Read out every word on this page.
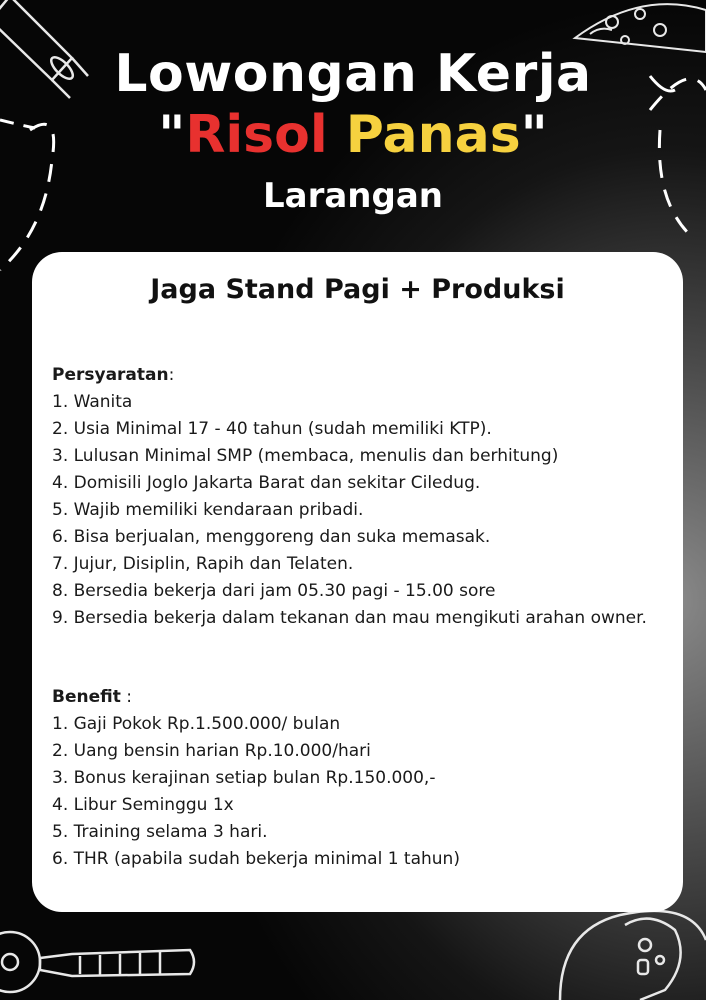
Lowongan Kerja
"Risol Panas"
Larangan
Jaga Stand Pagi + Produksi
Persyaratan:
1. Wanita
2. Usia Minimal 17 - 40 tahun (sudah memiliki KTP).
3. Lulusan Minimal SMP (membaca, menulis dan berhitung)
4. Domisili Joglo Jakarta Barat dan sekitar Ciledug.
5. Wajib memiliki kendaraan pribadi.
6. Bisa berjualan, menggoreng dan suka memasak.
7. Jujur, Disiplin, Rapih dan Telaten.
8. Bersedia bekerja dari jam 05.30 pagi - 15.00 sore
9. Bersedia bekerja dalam tekanan dan mau mengikuti arahan owner.
Benefit :
1. Gaji Pokok Rp.1.500.000/ bulan
2. Uang bensin harian Rp.10.000/hari
3. Bonus kerajinan setiap bulan Rp.150.000,-
4. Libur Seminggu 1x
5. Training selama 3 hari.
6. THR (apabila sudah bekerja minimal 1 tahun)
